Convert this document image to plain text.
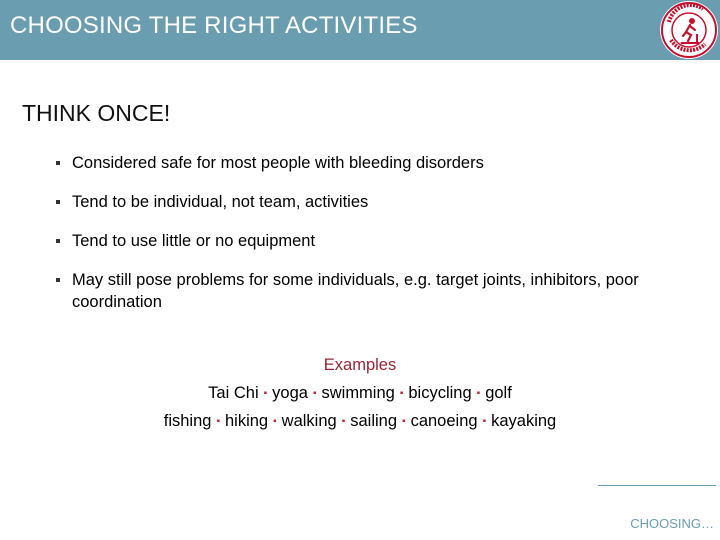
CHOOSING THE RIGHT ACTIVITIES
THINK ONCE!
Considered safe for most people with bleeding disorders
Tend to be individual, not team, activities
Tend to use little or no equipment
May still pose problems for some individuals, e.g. target joints, inhibitors, poor coordination
Examples
Tai Chi ▪ yoga ▪ swimming ▪ bicycling ▪ golf
fishing ▪ hiking ▪ walking ▪ sailing ▪ canoeing ▪ kayaking
CHOOSING…
